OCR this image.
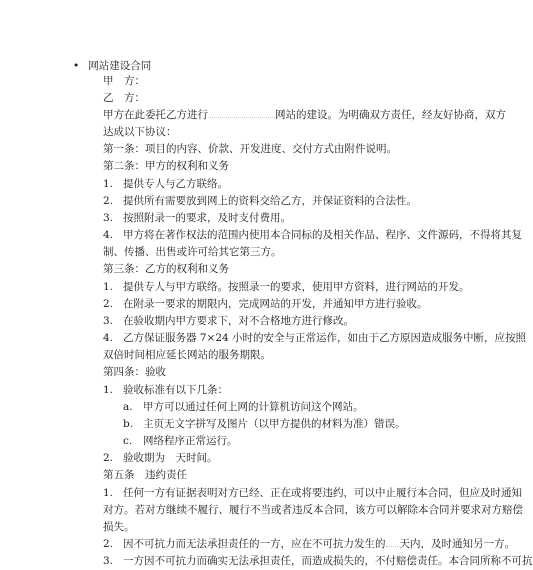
• 网站建设合同
甲　方：
乙　方：
甲方在此委托乙方进行	网站的建设。为明确双方责任，经友好协商，双方
达成以下协议：
第一条：项目的内容、价款、开发进度、交付方式由附件说明。
第二条：甲方的权利和义务
1. 提供专人与乙方联络。
2. 提供所有需要放到网上的资料交给乙方，并保证资料的合法性。
3. 按照附录一的要求，及时支付费用。
4. 甲方将在著作权法的范围内使用本合同标的及相关作品、程序、文件源码，不得将其复
制、传播、出售或许可给其它第三方。
第三条：乙方的权利和义务
1. 提供专人与甲方联络。按照录一的要求，使用甲方资料，进行网站的开发。
2. 在附录一要求的期限内，完成网站的开发，并通知甲方进行验收。
3. 在验收期内甲方要求下，对不合格地方进行修改。
4. 乙方保证服务器 7×24 小时的安全与正常运作，如由于乙方原因造成服务中断，应按照
双倍时间相应延长网站的服务期限。
第四条：验收
1. 验收标准有以下几条：
a. 甲方可以通过任何上网的计算机访问这个网站。
b. 主页无文字拼写及图片（以甲方提供的材料为准）错误。
c. 网络程序正常运行。
2. 验收期为　天时间。
第五条　违约责任
1. 任何一方有证据表明对方已经、正在或将要违约，可以中止履行本合同，但应及时通知
对方。若对方继续不履行、履行不当或者违反本合同，该方可以解除本合同并要求对方赔偿
损失。
2. 因不可抗力而无法承担责任的一方，应在不可抗力发生的 天内，及时通知另一方。
3. 一方因不可抗力而确实无法承担责任，而造成损失的，不付赔偿责任。本合同所称不可抗
